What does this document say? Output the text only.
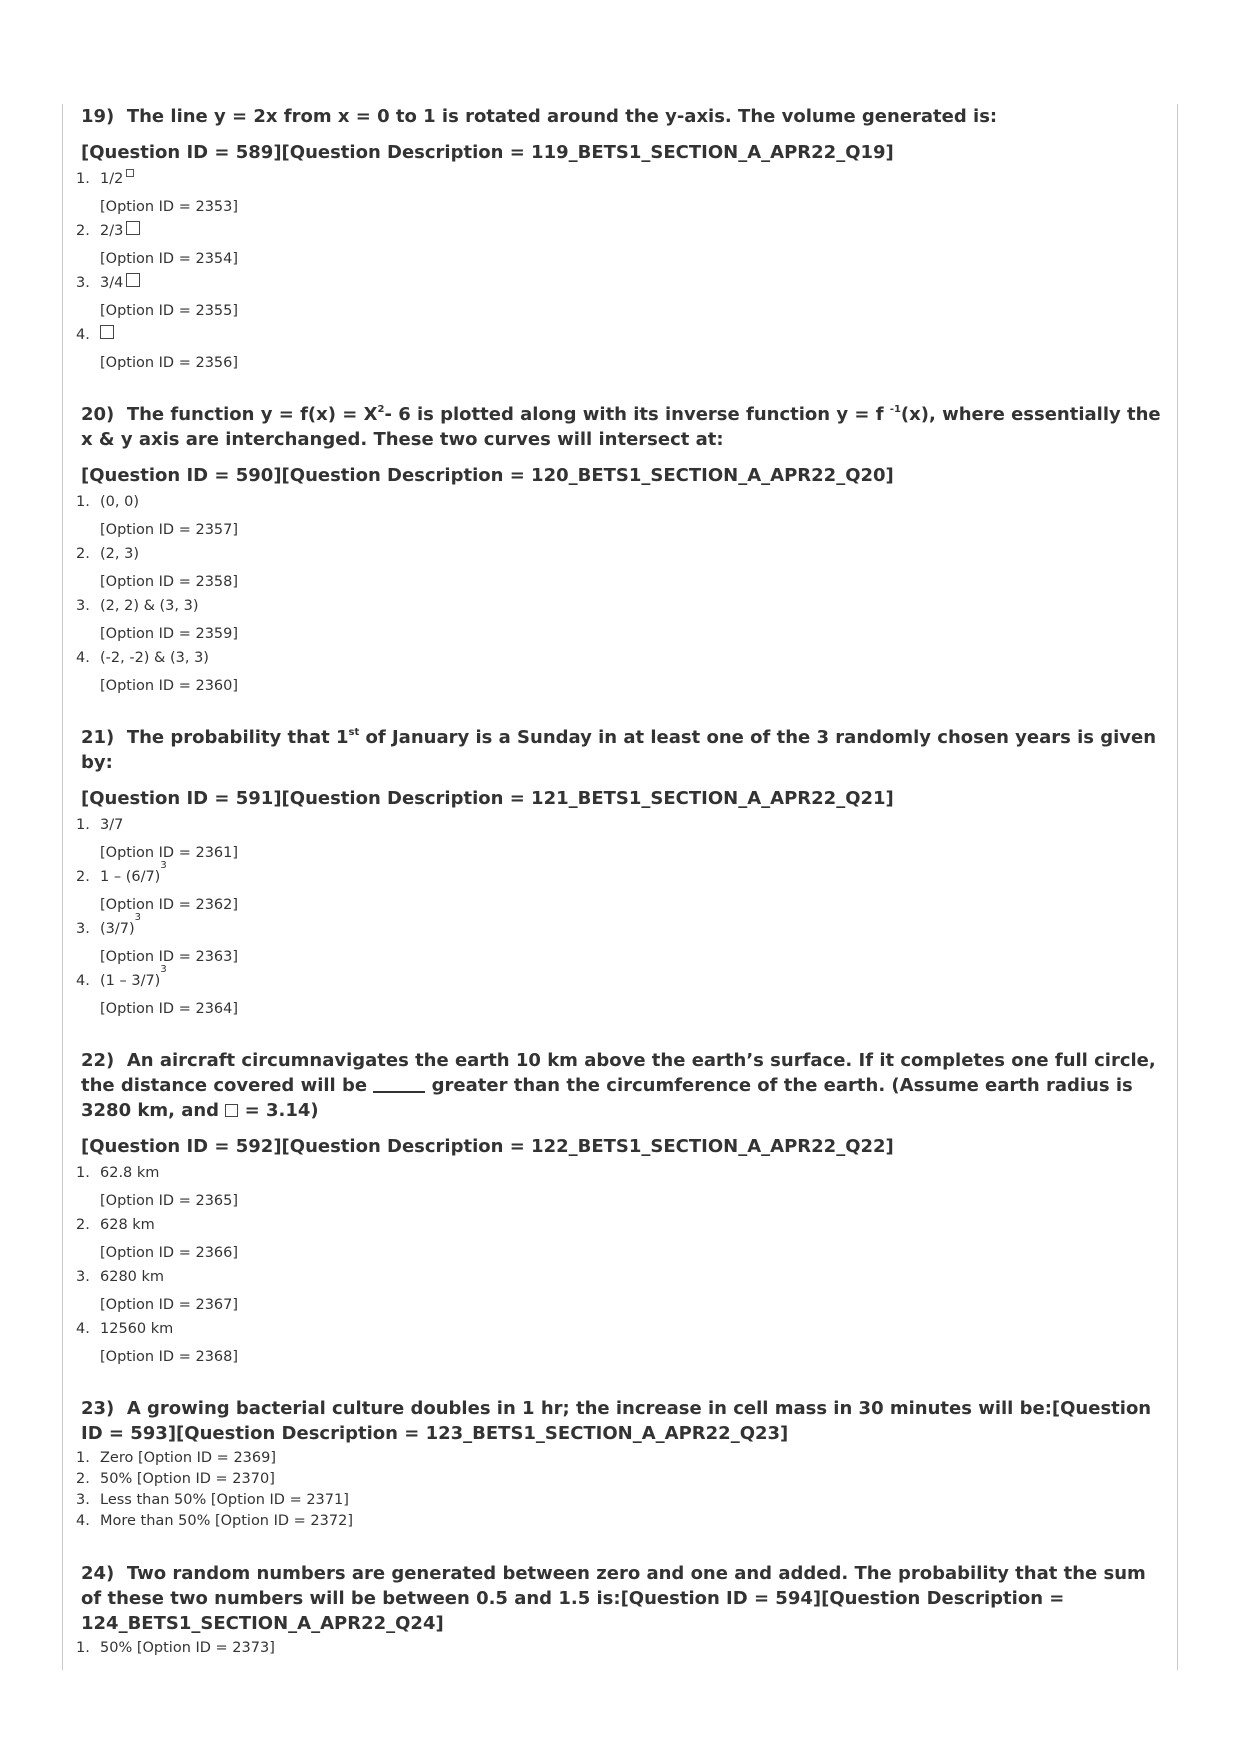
19) The line y = 2x from x = 0 to 1 is rotated around the y-axis. The volume generated is:

[Question ID = 589][Question Description = 119_BETS1_SECTION_A_APR22_Q19]

1. 1/2
[Option ID = 2353]
2. 2/3
[Option ID = 2354]
3. 3/4
[Option ID = 2355]
4.
[Option ID = 2356]

20) The function $y = f(x) = X^2-$ 6 is plotted along with its inverse function y = f $^{-1}$(x), where essentially the x & y axis are interchanged. These two curves will intersect at:

[Question ID = 590][Question Description = 120_BETS1_SECTION_A_APR22_Q20]

1. (0, 0)
[Option ID = 2357]
2. (2, 3)
[Option ID = 2358]
3. (2, 2) & (3, 3)
[Option ID = 2359]
4. (-2, -2) & (3, 3)
[Option ID = 2360]

21) The probability that 1st of January is a Sunday in at least one of the 3 randomly chosen years is given by:

[Question ID = 591][Question Description = 121_BETS1_SECTION_A_APR22_Q21]

1. 3/7
[Option ID = 2361]
2. 1 – (6/7)
$^3$
[Option ID = 2362]
3. (3/7)
$^3$
[Option ID = 2363]
4. (1 – 3/7)
$^3$
[Option ID = 2364]

22) An aircraft circumnavigates the earth 10 km above the earth’s surface. If it completes one full circle, the distance covered will be	greater than the circumference of the earth. (Assume earth radius is 3280 km, and = 3.14)

[Question ID = 592][Question Description = 122_BETS1_SECTION_A_APR22_Q22]

1. 62.8 km
[Option ID = 2365]
2. 628 km
[Option ID = 2366]
3. 6280 km
[Option ID = 2367]
4. 12560 km
[Option ID = 2368]

23) A growing bacterial culture doubles in 1 hr; the increase in cell mass in 30 minutes will be:[Question ID = 593][Question Description = 123_BETS1_SECTION_A_APR22_Q23]

1. Zero [Option ID = 2369]
2. 50% [Option ID = 2370]
3. Less than 50% [Option ID = 2371]
4. More than 50% [Option ID = 2372]

24) Two random numbers are generated between zero and one and added. The probability that the sum of these two numbers will be between 0.5 and 1.5 is:[Question ID = 594][Question Description = 124_BETS1_SECTION_A_APR22_Q24]

1. 50% [Option ID = 2373]
